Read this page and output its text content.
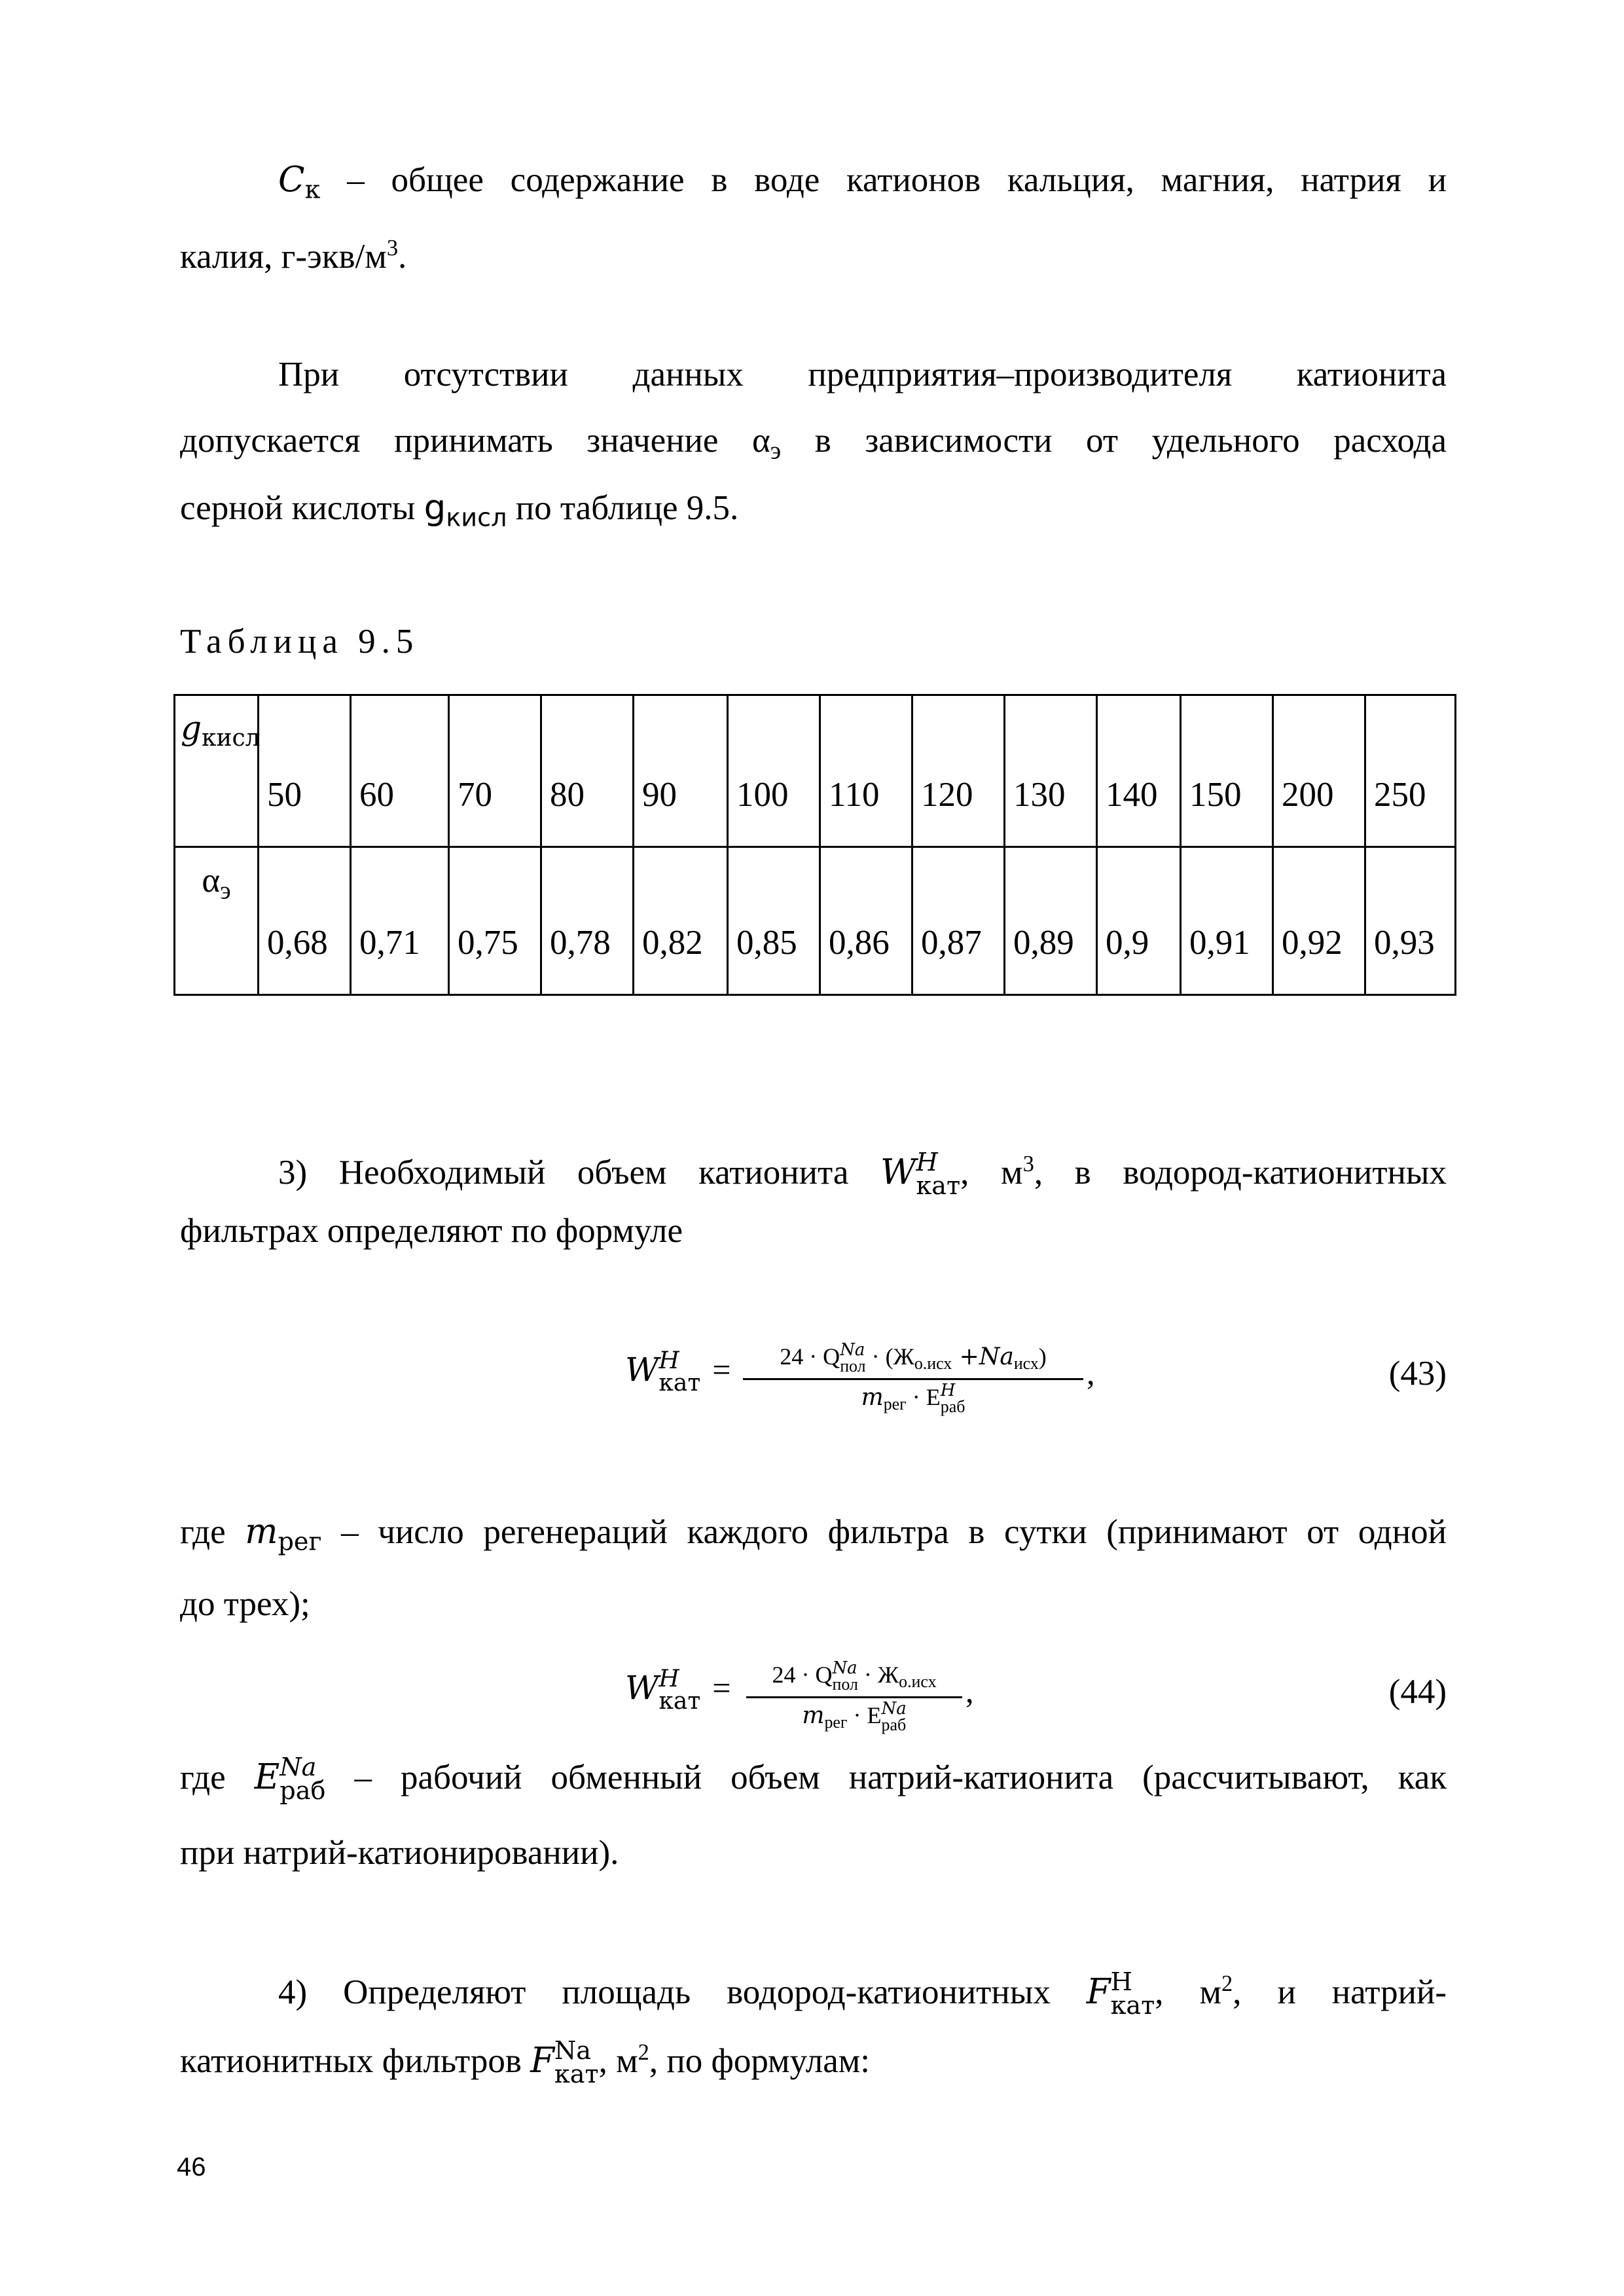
$C_к$ – общее содержание в воде катионов кальция, магния, натрия и
калия, $г-экв/м^3$.
При отсутствии данных предприятия–производителя катионита
допускается принимать значение $\alpha_э$ в зависимости от удельного расхода
серной кислоты $g_{кисл}$ по таблице 9.5.
Таблица 9.5
$g_{кисл}$	50	60	70	80	90	100	110	120	130	140	150	200	250

$\alpha_э$	0,68	0,71	0,75	0,78	0,82	0,85	0,86	0,87	0,89	0,9	0,91	0,92	0,93
3) Необходимый объем катионита W H
кат , $м^3$, в водород-катионитных
фильтрах определяют по формуле
W H
кат =	24 · Q Na
пол · $(Ж_{о.исх} +Na_{исх})$
$m_{рег} \cdot E$ H
раб
,	(43)
где $m_{рег}$ – число регенераций каждого фильтра в сутки (принимают от одной
до трех);
W H
кат =	24 · Q Na
пол · $Ж_{о.исх}$
$m_{рег} \cdot E$ Na
раб
,	(44)
где E Na
раб – рабочий обменный объем натрий-катионита (рассчитывают, как
при натрий-катионировании).
4) Определяют площадь водород-катионитных F H
кат , $м^2$, и натрий-
катионитных фильтров F Na
кат , $м^2$, по формулам:
46
